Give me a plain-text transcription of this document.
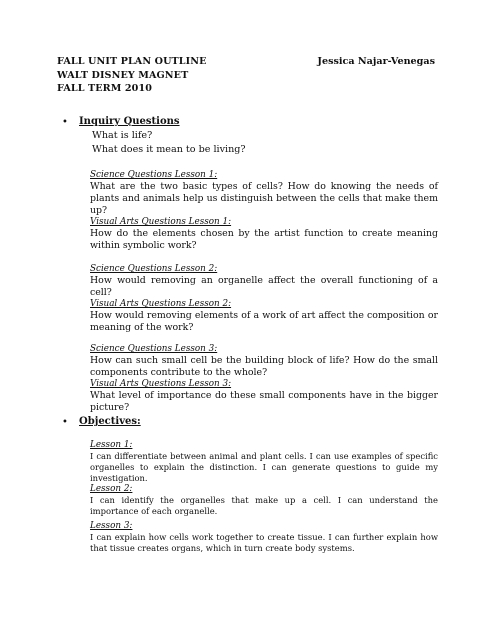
FALL UNIT PLAN OUTLINE	Jessica Najar-Venegas
WALT DISNEY MAGNET
FALL TERM 2010
• Inquiry Questions
What is life?
What does it mean to be living?
Science Questions Lesson 1:
What are the two basic types of cells? How do knowing the needs of plants and animals help us distinguish between the cells that make them up?
Visual Arts Questions Lesson 1:
How do the elements chosen by the artist function to create meaning within symbolic work?
Science Questions Lesson 2:
How would removing an organelle affect the overall functioning of a cell?
Visual Arts Questions Lesson 2:
How would removing elements of a work of art affect the composition or meaning of the work?
Science Questions Lesson 3:
How can such small cell be the building block of life? How do the small components contribute to the whole?
Visual Arts Questions Lesson 3:
What level of importance do these small components have in the bigger picture?
• Objectives:
Lesson 1:
I can differentiate between animal and plant cells. I can use examples of specific organelles to explain the distinction. I can generate questions to guide my investigation.
Lesson 2:
I can identify the organelles that make up a cell. I can understand the importance of each organelle.
Lesson 3:
I can explain how cells work together to create tissue. I can further explain how that tissue creates organs, which in turn create body systems.
